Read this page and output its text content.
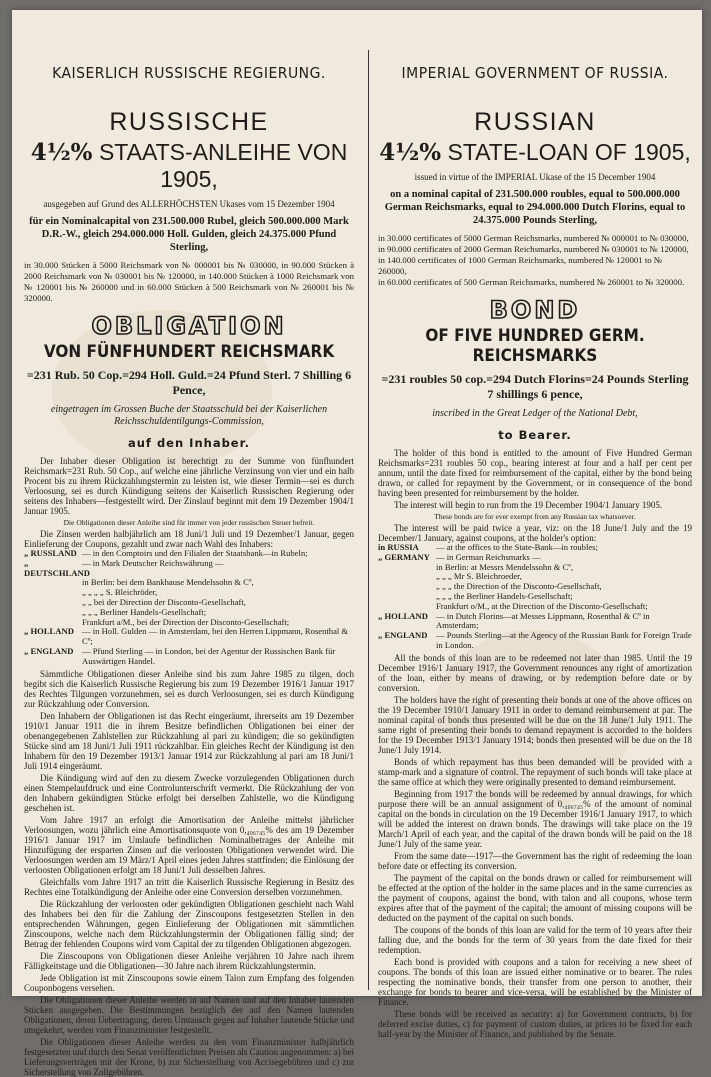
KAISERLICH RUSSISCHE REGIERUNG.
RUSSISCHE
4½% STAATS-ANLEIHE VON 1905,
ausgegeben auf Grund des ALLERHÖCHSTEN Ukases vom 15 Dezember 1904
für ein Nominalcapital von 231.500.000 Rubel, gleich 500.000.000 Mark D.R.-W., gleich 294.000.000 Holl. Gulden, gleich 24.375.000 Pfund Sterling,
in 30.000 Stücken à 5000 Reichsmark von № 000001 bis № 030000, in 90.000 Stücken à 2000 Reichsmark von № 030001 bis № 120000, in 140.000 Stücken à 1000 Reichsmark von № 120001 bis № 260000 und in 60.000 Stücken à 500 Reichsmark von № 260001 bis № 320000.
OBLIGATION
VON FÜNFHUNDERT REICHSMARK
=231 Rub. 50 Cop.=294 Holl. Guld.=24 Pfund Sterl. 7 Shilling 6 Pence,
eingetragen im Grossen Buche der Staatsschuld bei der Kaiserlichen Reichsschuldentilgungs-Commission,
auf den Inhaber.

Der Inhaber dieser Obligation ist berechtigt zu der Summe von fünfhundert Reichsmark=231 Rub. 50 Cop., auf welche eine jährliche Verzinsung von vier und ein halb Procent bis zu ihrem Rückzahlungstermin zu leisten ist, wie dieser Termin—sei es durch Verloosung, sei es durch Kündigung seitens der Kaiserlich Russischen Regierung oder seitens des Inhabers—festgestellt wird. Der Zinslauf beginnt mit dem 19 Dezember 1904/1 Januar 1905.

Die Obligationen dieser Anleihe sind für immer von jeder russischen Steuer befreit.

Die Zinsen werden halbjährlich am 18 Juni/1 Juli und 19 Dezember/1 Januar, gegen Einlieferung der Coupons, gezahlt und zwar nach Wahl des Inhabers:

„ RUSSLAND — in den Comptoirs und den Filialen der Staatsbank—in Rubeln;
„ DEUTSCHLAND
— in Mark Deutscher Reichswährung —
in Berlin: bei dem Bankhause Mendelssohn & Cº,
„ „ „ „ S. Bleichröder,
„ „ bei der Direction der Disconto-Gesellschaft,
„ „ „ Berliner Handels-Gesellschaft;
Frankfurt a/M., bei der Direction der Disconto-Gesellschaft;
„ HOLLAND — in Holl. Gulden — in Amsterdam, bei den Herren Lippmann, Rosenthal & Cº;
„ ENGLAND — Pfund Sterling — in London, bei der Agentur der Russischen Bank für Auswärtigen Handel.

Sämmtliche Obligationen dieser Anleihe sind bis zum Jahre 1985 zu tilgen, doch begibt sich die Kaiserlich Russische Regierung bis zum 19 Dezember 1916/1 Januar 1917 des Rechtes Tilgungen vorzunehmen, sei es durch Verloosungen, sei es durch Kündigung zur Rückzahlung oder Conversion.

Den Inhabern der Obligationen ist das Recht eingeräumt, ihrerseits am 19 Dezember 1910/1 Januar 1911 die in ihrem Besitze befindlichen Obligationen bei einer der obenangegebenen Zahlstellen zur Rückzahlung al pari zu kündigen; die so gekündigten Stücke sind am 18 Juni/1 Juli 1911 rückzahlbar. Ein gleiches Recht der Kündigung ist den Inhabern für den 19 Dezember 1913/1 Januar 1914 zur Rückzahlung al pari am 18 Juni/1 Juli 1914 eingeräumt.

Die Kündigung wird auf den zu diesem Zwecke vorzulegenden Obligationen durch einen Stempelaufdruck und eine Controlunterschrift vermerkt. Die Rückzahlung der von den Inhabern gekündigten Stücke erfolgt bei derselben Zahlstelle, wo die Kündigung geschehen ist.

Vom Jahre 1917 an erfolgt die Amortisation der Anleihe mittelst jährlicher Verloosungen, wozu jährlich eine Amortisationsquote von 0,₄₀₆₇₄₅% des am 19 Dezember 1916/1 Januar 1917 im Umlaufe befindlichen Nominalbetrages der Anleihe mit Hinzufügung der ersparten Zinsen auf die verloosten Obligationen verwendet wird. Die Verloosungen werden am 19 März/1 April eines jeden Jahres stattfinden; die Einlösung der verloosten Obligationen erfolgt am 18 Juni/1 Juli desselben Jahres.

Gleichfalls vom Jahre 1917 an tritt die Kaiserlich Russische Regierung in Besitz des Rechtes eine Totalkündigung der Anleihe oder eine Conversion derselben vorzunehmen.

Die Rückzahlung der verloosten oder gekündigten Obligationen geschieht nach Wahl des Inhabers bei den für die Zahlung der Zinscoupons festgesetzten Stellen in den entsprechenden Währungen, gegen Einlieferung der Obligationen mit sämmtlichen Zinscoupons, welche nach dem Rückzahlungstermin der Obligationen fällig sind; der Betrag der fehlenden Coupons wird vom Capital der zu tilgenden Obligationen abgezogen.

Die Zinscoupons von Obligationen dieser Anleihe verjähren 10 Jahre nach ihrem Fälligkeitstage und die Obligationen—30 Jahre nach ihrem Rückzahlungstermin.

Jede Obligation ist mit Zinscoupons sowie einem Talon zum Empfang des folgenden Couponbogens versehen.

Die Obligationen dieser Anleihe werden in auf Namen und auf den Inhaber lautenden Stücken ausgegeben. Die Bestimmungen bezüglich der auf den Namen lautenden Obligationen, deren Uebertragung, deren Umtausch gegen auf Inhaber lautende Stücke und umgekehrt, werden vom Finanzminister festgestellt.

Die Obligationen dieser Anleihe werden zu den vom Finanzminister halbjährlich festgesetzten und durch den Senat veröffentlichten Preisen als Caution angenommen: a) bei Lieferungsverträgen mit der Krone, b) zur Sicherstellung von Accisegebühren und c) zur Sicherstellung von Zollgebühren.

IMPERIAL GOVERNMENT OF RUSSIA.
RUSSIAN
4½% STATE-LOAN OF 1905,
issued in virtue of the IMPERIAL Ukase of the 15 December 1904
on a nominal capital of 231.500.000 roubles, equal to 500.000.000 German Reichsmarks, equal to 294.000.000 Dutch Florins, equal to 24.375.000 Pounds Sterling,
in 30.000 certificates of 5000 German Reichsmarks, numbered № 000001 to № 030000,
in 90.000 certificates of 2000 German Reichsmarks, numbered № 030001 to № 120000,
in 140.000 certificates of 1000 German Reichsmarks, numbered № 120001 to № 260000,
in 60.000 certificates of 500 German Reichsmarks, numbered № 260001 to № 320000.
BOND
OF FIVE HUNDRED GERM. REICHSMARKS
=231 roubles 50 cop.=294 Dutch Florins=24 Pounds Sterling 7 shillings 6 pence,
inscribed in the Great Ledger of the National Debt,
to Bearer.

The holder of this bond is entitled to the amount of Five Hundred German Reichsmarks=231 roubles 50 cop., bearing interest at four and a half per cent per annum, until the date fixed for reimbursement of the capital, either by the bond being drawn, or called for repayment by the Government, or in consequence of the bond having been presented for reimbursement by the holder.

The interest will begin to run from the 19 December 1904/1 January 1905.

These bonds are for ever exempt from any Russian tax whatsoever.

The interest will be paid twice a year, viz: on the 18 June/1 July and the 19 December/1 January, against coupons, at the holder's option:

in RUSSIA	— at the offices to the State-Bank—in roubles;
„ GERMANY — in German Reichsmarks —
in Berlin: at Messrs Mendelssohn & Cº,
„ „ „ Mr S. Bleichroeder,
„ „ „ the Direction of the Disconto-Gesellschaft,
„ „ „ the Berliner Handels-Gesellschaft;
Frankfurt o/M., at the Direction of the Disconto-Gesellschaft;
„ HOLLAND — in Dutch Florins—at Messes Lippmann, Rosenthal & Cº in Amsterdam;
„ ENGLAND — Pounds Sterling—at the Agency of the Russian Bank for Foreign Trade in London.

All the bonds of this loan are to be redeemed not later than 1985. Until the 19 December 1916/1 January 1917, the Government renounces any right of amortization of the loan, either by means of drawing, or by redemption before date or by conversion.

The holders have the right of presenting their bonds at one of the above offices on the 19 December 1910/1 January 1911 in order to demand reimbursement at par. The nominal capital of bonds thus presented will be due on the 18 June/1 July 1911. The same right of presenting their bonds to demand repayment is accorded to the holders for the 19 December 1913/1 January 1914; bonds then presented will be due on the 18 June/1 July 1914.

Bonds of which repayment has thus been demanded will be provided with a stamp-mark and a signature of control. The repayment of such bonds will take place at the same office at which they were originally presented to demand reimbursement.

Beginning from 1917 the bonds will be redeemed by annual drawings, for which purpose there will be an annual assignment of 0,₄₀₆₇₄₅% of the amount of nominal capital on the bonds in circulation on the 19 December 1916/1 January 1917, to which will be added the interest on drawn bonds. The drawings will take place on the 19 March/1 April of each year, and the capital of the drawn bonds will be paid on the 18 June/1 July of the same year.

From the same date—1917—the Government has the right of redeeming the loan before date or effecting its conversion.

The payment of the capital on the bonds drawn or called for reimbursement will be effected at the option of the holder in the same places and in the same currencies as the payment of coupons, against the bond, with talon and all coupons, whose term expires after that of the payment of the capital; the amount of missing coupons will be deducted on the payment of the capital on such bonds.

The coupons of the bonds of this loan are valid for the term of 10 years after their falling due, and the bonds for the term of 30 years from the date fixed for their redemption.

Each bond is provided with coupons and a talon for receiving a new sheet of coupons. The bonds of this loan are issued either nominative or to bearer. The rules respecting the nominative bonds, their transfer from one person to another, their exchange for bonds to bearer and vice-versa, will be established by the Minister of Finance.

These bonds will be received as security: a) for Government contracts, b) for deferred excise duties, c) for payment of custom duties, at prices to be fixed for each half-year by the Minister of Finance, and published by the Senate.
